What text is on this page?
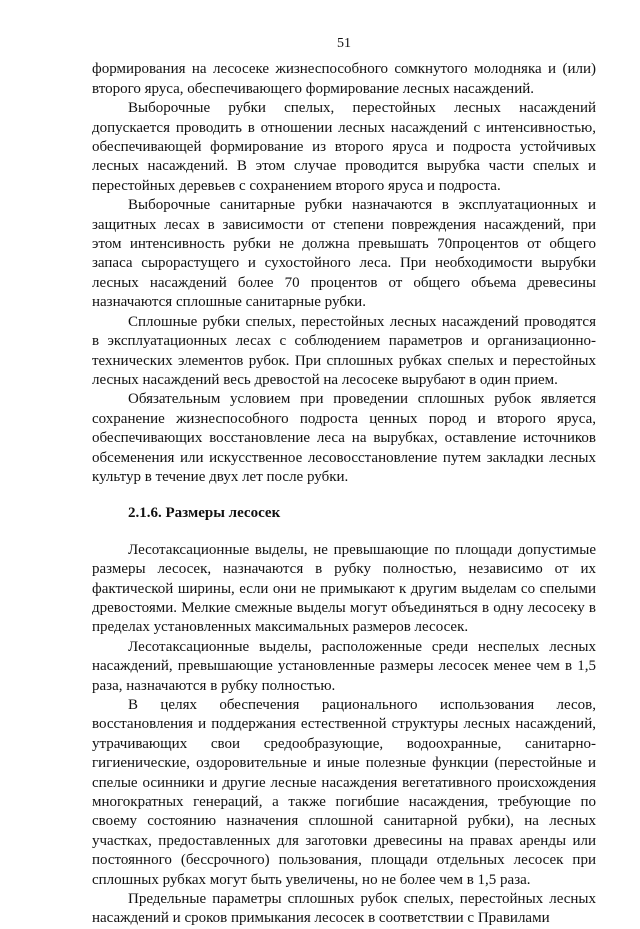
51

формирования на лесосеке жизнеспособного сомкнутого молодняка и (или) второго яруса, обеспечивающего формирование лесных насаждений.

Выборочные рубки спелых, перестойных лесных насаждений допускается проводить в отношении лесных насаждений с интенсивностью, обеспечивающей формирование из второго яруса и подроста устойчивых лесных насаждений. В этом случае проводится вырубка части спелых и перестойных деревьев с сохранением второго яруса и подроста.

Выборочные санитарные рубки назначаются в эксплуатационных и защитных лесах в зависимости от степени повреждения насаждений, при этом интенсивность рубки не должна превышать 70процентов от общего запаса сырорастущего и сухостойного леса. При необходимости вырубки лесных насаждений более 70 процентов от общего объема древесины назначаются сплошные санитарные рубки.

Сплошные рубки спелых, перестойных лесных насаждений проводятся в эксплуатационных лесах с соблюдением параметров и организационно-технических элементов рубок. При сплошных рубках спелых и перестойных лесных насаждений весь древостой на лесосеке вырубают в один прием.

Обязательным условием при проведении сплошных рубок является сохранение жизнеспособного подроста ценных пород и второго яруса, обеспечивающих восстановление леса на вырубках, оставление источников обсеменения или искусственное лесовосстановление путем закладки лесных культур в течение двух лет после рубки.

2.1.6. Размеры лесосек

Лесотаксационные выделы, не превышающие по площади допустимые размеры лесосек, назначаются в рубку полностью, независимо от их фактической ширины, если они не примыкают к другим выделам со спелыми древостоями. Мелкие смежные выделы могут объединяться в одну лесосеку в пределах установленных максимальных размеров лесосек.

Лесотаксационные выделы, расположенные среди неспелых лесных насаждений, превышающие установленные размеры лесосек менее чем в 1,5 раза, назначаются в рубку полностью.

В целях обеспечения рационального использования лесов, восстановления и поддержания естественной структуры лесных насаждений, утрачивающих свои средообразующие, водоохранные, санитарно-гигиенические, оздоровительные и иные полезные функции (перестойные и спелые осинники и другие лесные насаждения вегетативного происхождения многократных генераций, а также погибшие насаждения, требующие по своему состоянию назначения сплошной санитарной рубки), на лесных участках, предоставленных для заготовки древесины на правах аренды или постоянного (бессрочного) пользования, площади отдельных лесосек при сплошных рубках могут быть увеличены, но не более чем в 1,5 раза.

Предельные параметры сплошных рубок спелых, перестойных лесных насаждений и сроков примыкания лесосек в соответствии с Правилами
